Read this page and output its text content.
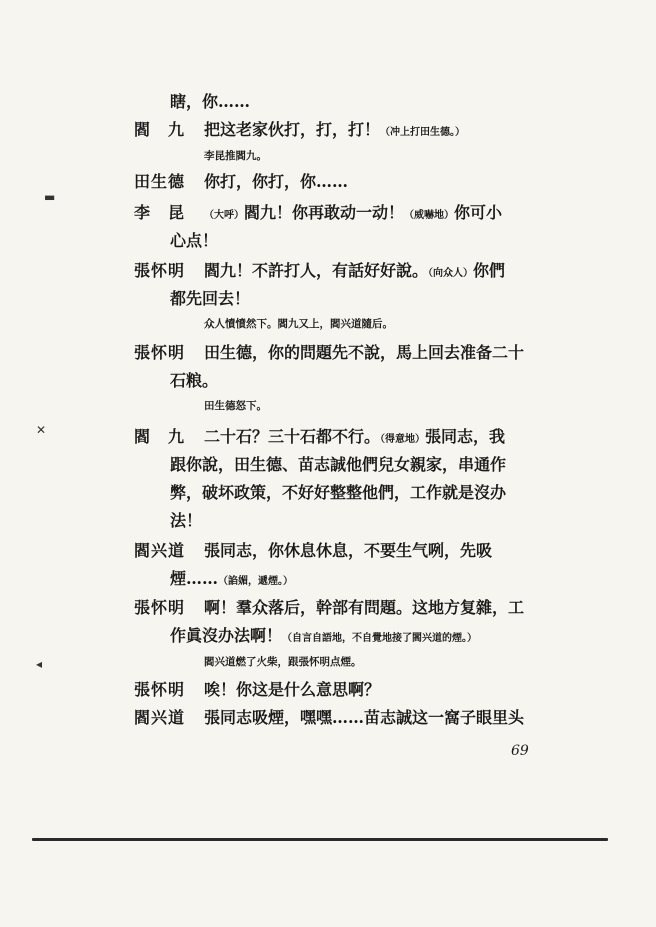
瞎，你……
閻　九 把这老家伙打，打，打！（冲上打田生德。）
田生德 你打，你打，你……
李　昆 （大呼）閻九！你再敢动一动！（威嚇地）你可小
心点！
張怀明 閻九！不許打人，有話好好說。（向众人）你們
都先回去！
張怀明 田生德，你的問題先不說，馬上回去准备二十
石粮。
閻　九 二十石？三十石都不行。（得意地）張同志，我
跟你說，田生德、苗志誠他們兒女親家，串通作
弊，破坏政策，不好好整整他們，工作就是沒办
法！
閻兴道 張同志，你休息休息，不要生气咧，先吸
煙……（諂媚，遞煙。）
張怀明 啊！羣众落后，幹部有問題。这地方复雜，工
作眞沒办法啊！（自言自語地，不自覺地接了閻兴道的煙。）
張怀明 唉！你这是什么意思啊？
閻兴道 張同志吸煙，嘿嘿……苗志誠这一窩子眼里头
李昆推閻九。
众人憤憤然下。閻九又上，閻兴道隨后。
田生德怒下。
閻兴道燃了火柴，跟張怀明点煙。
69
▬
✕
◂
